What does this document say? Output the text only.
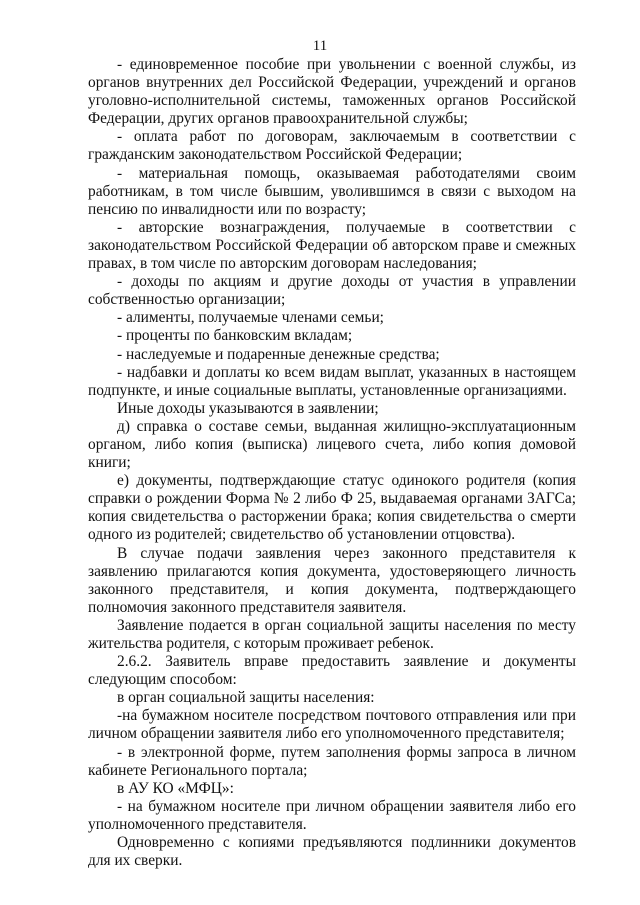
11

- единовременное пособие при увольнении с военной службы, из органов внутренних дел Российской Федерации, учреждений и органов уголовно-исполнительной системы, таможенных органов Российской Федерации, других органов правоохранительной службы;

- оплата работ по договорам, заключаемым в соответствии с гражданским законодательством Российской Федерации;

- материальная помощь, оказываемая работодателями своим работникам, в том числе бывшим, уволившимся в связи с выходом на пенсию по инвалидности или по возрасту;

- авторские вознаграждения, получаемые в соответствии с законодательством Российской Федерации об авторском праве и смежных правах, в том числе по авторским договорам наследования;

- доходы по акциям и другие доходы от участия в управлении собственностью организации;

- алименты, получаемые членами семьи;

- проценты по банковским вкладам;

- наследуемые и подаренные денежные средства;

- надбавки и доплаты ко всем видам выплат, указанных в настоящем подпункте, и иные социальные выплаты, установленные организациями.

Иные доходы указываются в заявлении;

д) справка о составе семьи, выданная жилищно-эксплуатационным органом, либо копия (выписка) лицевого счета, либо копия домовой книги;

е) документы, подтверждающие статус одинокого родителя (копия справки о рождении Форма № 2 либо Ф 25, выдаваемая органами ЗАГСа; копия свидетельства о расторжении брака; копия свидетельства о смерти одного из родителей; свидетельство об установлении отцовства).

В случае подачи заявления через законного представителя к заявлению прилагаются копия документа, удостоверяющего личность законного представителя, и копия документа, подтверждающего полномочия законного представителя заявителя.

Заявление подается в орган социальной защиты населения по месту жительства родителя, с которым проживает ребенок.

2.6.2. Заявитель вправе предоставить заявление и документы следующим способом:

в орган социальной защиты населения:

-на бумажном носителе посредством почтового отправления или при личном обращении заявителя либо его уполномоченного представителя;

- в электронной форме, путем заполнения формы запроса в личном кабинете Регионального портала;

в АУ КО «МФЦ»:

- на бумажном носителе при личном обращении заявителя либо его уполномоченного представителя.

Одновременно с копиями предъявляются подлинники документов для их сверки.
